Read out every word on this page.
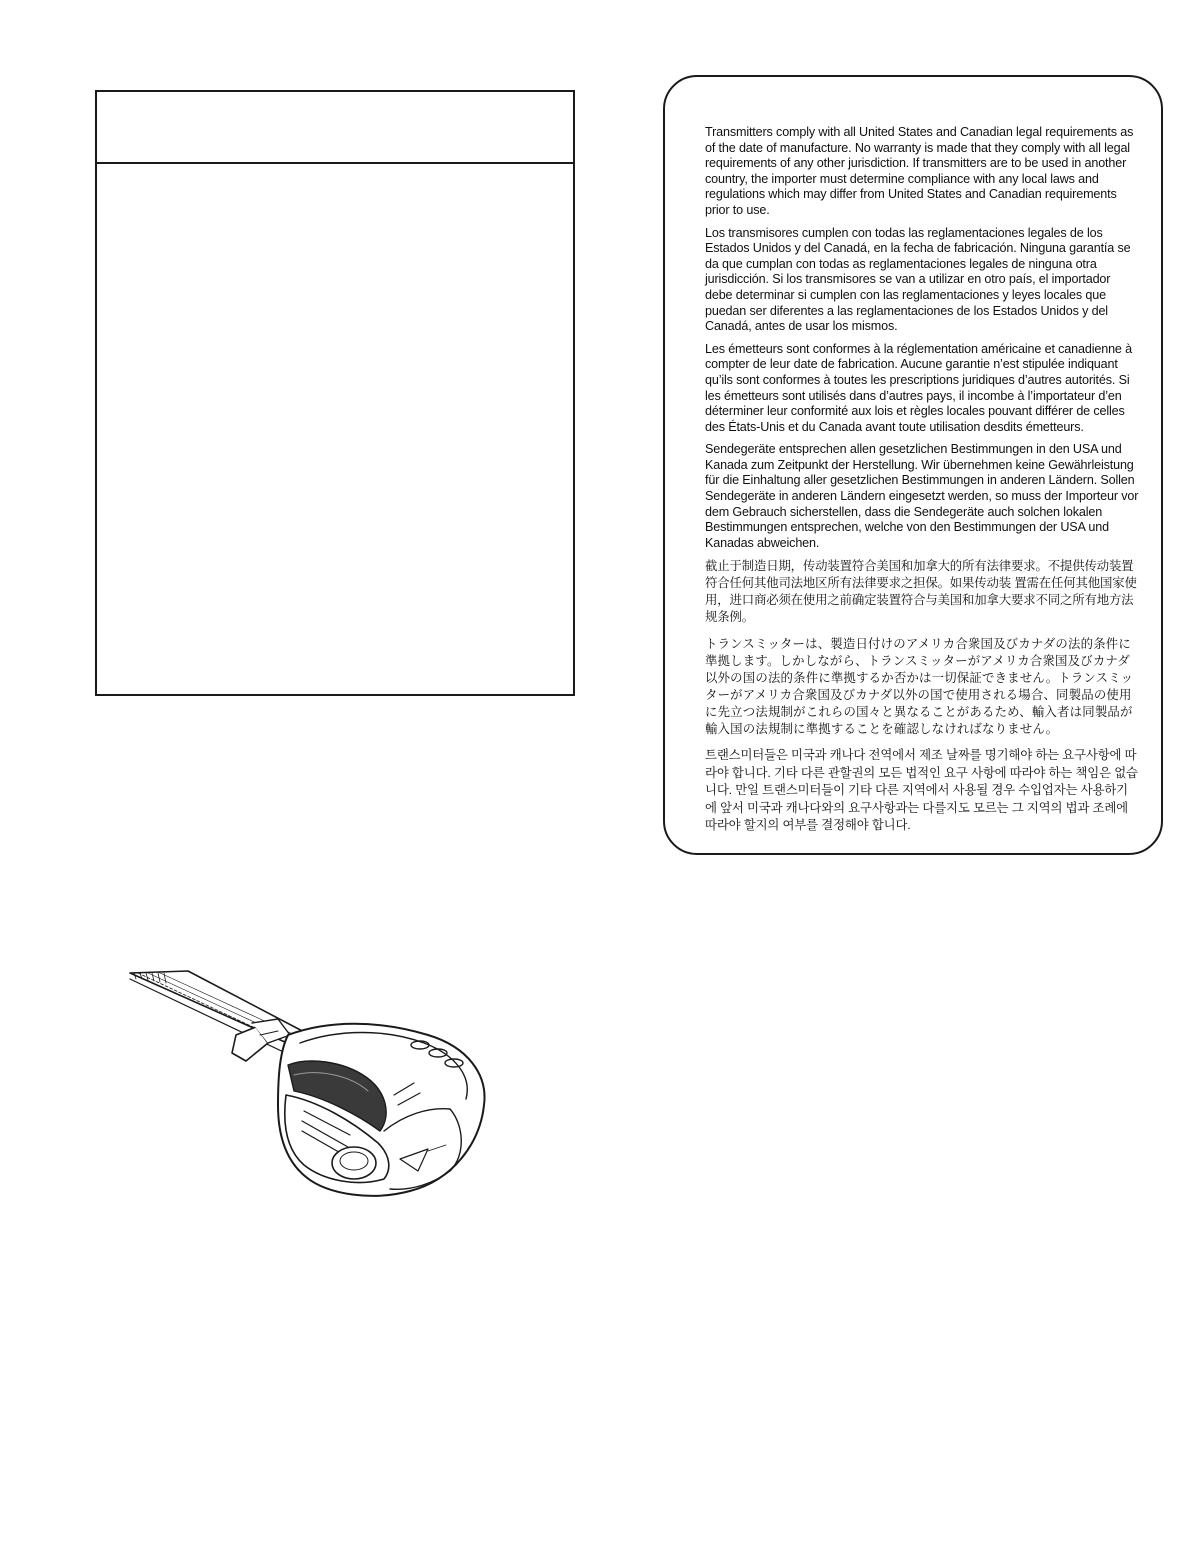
Transmitters comply with all United States and Canadian legal requirements as of the date of manufacture. No warranty is made that they comply with all legal requirements of any other jurisdiction. If transmitters are to be used in another country, the importer must determine compliance with any local laws and regulations which may differ from United States and Canadian requirements prior to use.

Los transmisores cumplen con todas las reglamentaciones legales de los Estados Unidos y del Canadá, en la fecha de fabricación. Ninguna garantía se da que cumplan con todas as reglamentaciones legales de ninguna otra jurisdicción. Si los transmisores se van a utilizar en otro país, el importador debe determinar si cumplen con las reglamentaciones y leyes locales que puedan ser diferentes a las reglamentaciones de los Estados Unidos y del Canadá, antes de usar los mismos.

Les émetteurs sont conformes à la réglementation américaine et canadienne à compter de leur date de fabrication. Aucune garantie n’est stipulée indiquant qu’ils sont conformes à toutes les prescriptions juridiques d’autres autorités. Si les émetteurs sont utilisés dans d’autres pays, il incombe à l’importateur d’en déterminer leur conformité aux lois et règles locales pouvant différer de celles des États-Unis et du Canada avant toute utilisation desdits émetteurs.

Sendegeräte entsprechen allen gesetzlichen Bestimmungen in den USA und Kanada zum Zeitpunkt der Herstellung. Wir übernehmen keine Gewährleistung für die Einhaltung aller gesetzlichen Bestimmungen in anderen Ländern. Sollen Sendegeräte in anderen Ländern eingesetzt werden, so muss der Importeur vor dem Gebrauch sicherstellen, dass die Sendegeräte auch solchen lokalen Bestimmungen entsprechen, welche von den Bestimmungen der USA und Kanadas abweichen.

截止于制造日期，传动装置符合美国和加拿大的所有法律要求。不提供传动装置符合任何其他司法地区所有法律要求之担保。如果传动装 置需在任何其他国家使用，进口商必须在使用之前确定装置符合与美国和加拿大要求不同之所有地方法规条例。

トランスミッターは、製造日付けのアメリカ合衆国及びカナダの法的条件に準拠します。しかしながら、トランスミッターがアメリカ合衆国及びカナダ以外の国の法的条件に準拠するか否かは一切保証できません。トランスミッターがアメリカ合衆国及びカナダ以外の国で使用される場合、同製品の使用に先立つ法規制がこれらの国々と異なることがあるため、輸入者は同製品が輸入国の法規制に準拠することを確認しなければなりません。

트랜스미터들은 미국과 캐나다 전역에서 제조 날짜를 명기해야 하는 요구사항에 따라야 합니다. 기타 다른 관할권의 모든 법적인 요구 사항에 따라야 하는 책임은 없습니다. 만일 트랜스미터들이 기타 다른 지역에서 사용될 경우 수입업자는 사용하기에 앞서 미국과 캐나다와의 요구사항과는 다를지도 모르는 그 지역의 법과 조례에 따라야 할지의 여부를 결정해야 합니다.
